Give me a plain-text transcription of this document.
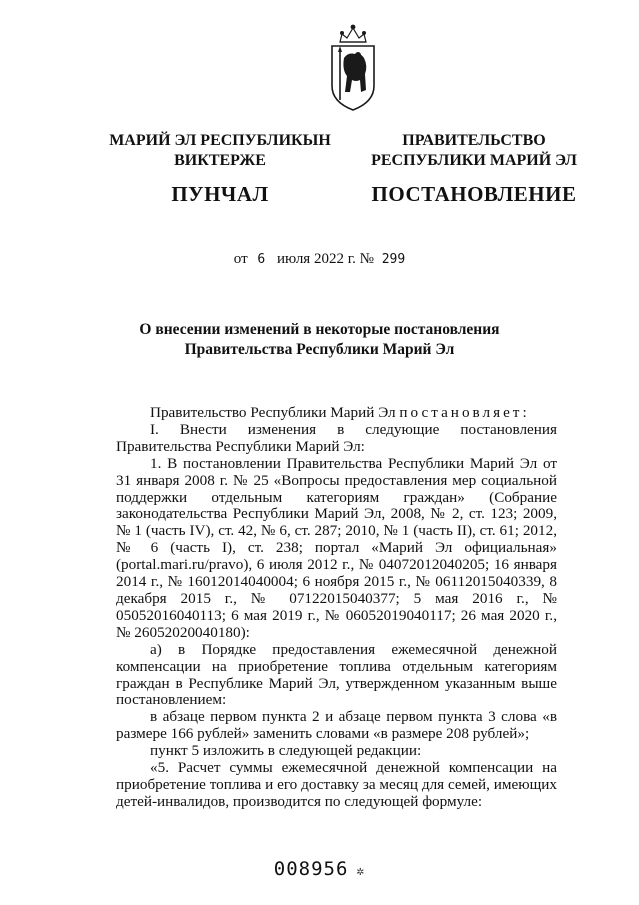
МАРИЙ ЭЛ РЕСПУБЛИКЫН
ВИКТЕРЖЕ
ПУНЧАЛ
ПРАВИТЕЛЬСТВО
РЕСПУБЛИКИ МАРИЙ ЭЛ
ПОСТАНОВЛЕНИЕ
от 6 июля 2022 г. № 299
О внесении изменений в некоторые постановления
Правительства Республики Марий Эл

Правительство Республики Марий Эл постановляет:

I. Внести изменения в следующие постановления Правительства Республики Марий Эл:

1. В постановлении Правительства Республики Марий Эл от 31 января 2008 г. № 25 «Вопросы предоставления мер социальной поддержки отдельным категориям граждан» (Собрание законодательства Республики Марий Эл, 2008, № 2, ст. 123; 2009, № 1 (часть IV), ст. 42, № 6, ст. 287; 2010, № 1 (часть II), ст. 61; 2012, № 6 (часть I), ст. 238; портал «Марий Эл официальная» (portal.mari.ru/pravo), 6 июля 2012 г., № 04072012040205; 16 января 2014 г., № 16012014040004; 6 ноября 2015 г., № 06112015040339, 8 декабря 2015 г., № 07122015040377; 5 мая 2016 г., № 05052016040113; 6 мая 2019 г., № 06052019040117; 26 мая 2020 г., № 26052020040180):

а) в Порядке предоставления ежемесячной денежной компенсации на приобретение топлива отдельным категориям граждан в Республике Марий Эл, утвержденном указанным выше постановлением:

в абзаце первом пункта 2 и абзаце первом пункта 3 слова «в размере 166 рублей» заменить словами «в размере 208 рублей»;

пункт 5 изложить в следующей редакции:

«5. Расчет суммы ежемесячной денежной компенсации на приобретение топлива и его доставку за месяц для семей, имеющих детей-инвалидов, производится по следующей формуле:

008956 ✲
